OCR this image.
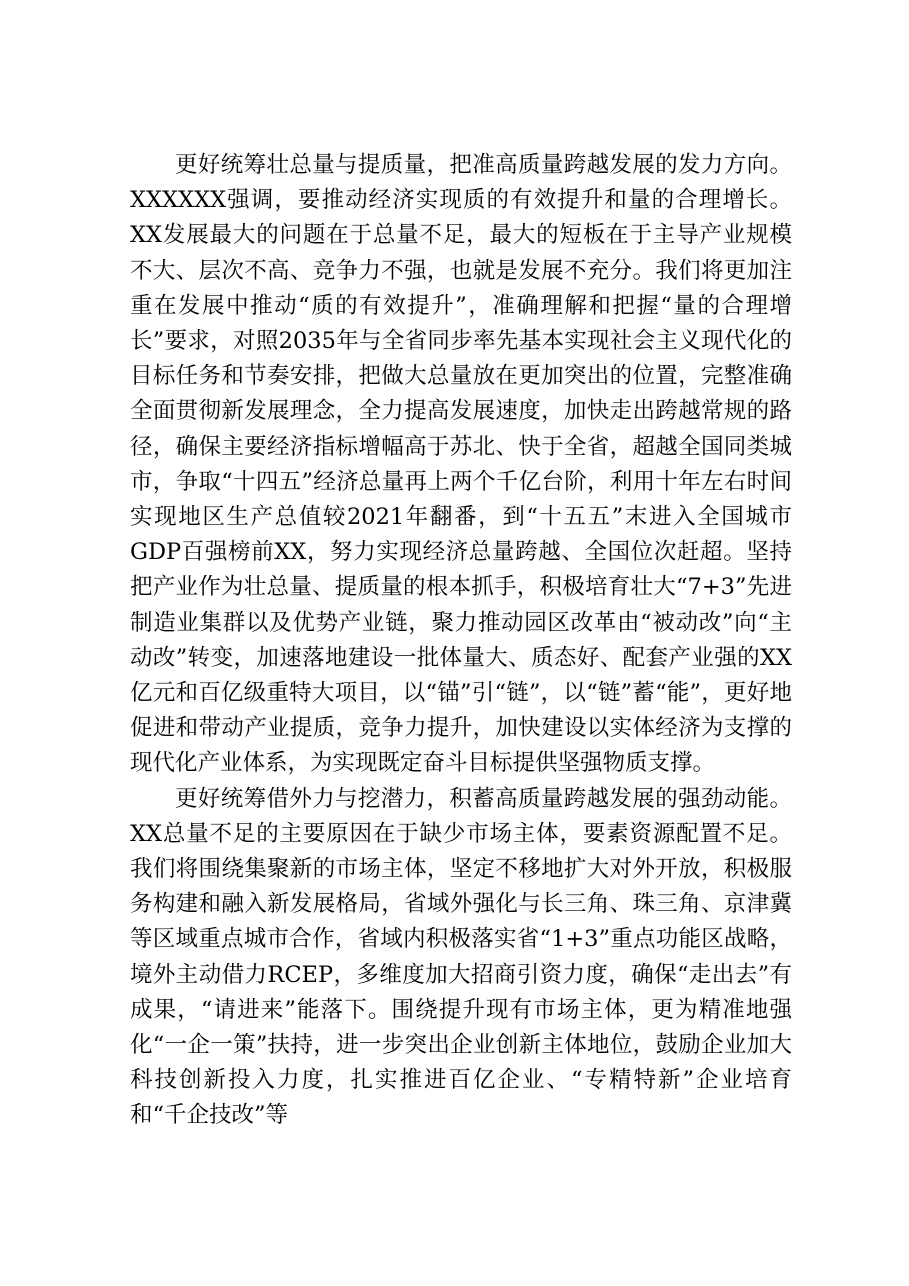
更好统筹壮总量与提质量，把准高质量跨越发展的发力方向。XXXXXX强调，要推动经济实现质的有效提升和量的合理增长。XX发展最大的问题在于总量不足，最大的短板在于主导产业规模不大、层次不高、竞争力不强，也就是发展不充分。我们将更加注重在发展中推动“质的有效提升”，准确理解和把握“量的合理增长”要求，对照2035年与全省同步率先基本实现社会主义现代化的目标任务和节奏安排，把做大总量放在更加突出的位置，完整准确全面贯彻新发展理念，全力提高发展速度，加快走出跨越常规的路径，确保主要经济指标增幅高于苏北、快于全省，超越全国同类城市，争取“十四五”经济总量再上两个千亿台阶，利用十年左右时间实现地区生产总值较2021年翻番，到“十五五”末进入全国城市GDP百强榜前XX，努力实现经济总量跨越、全国位次赶超。坚持把产业作为壮总量、提质量的根本抓手，积极培育壮大“7+3”先进制造业集群以及优势产业链，聚力推动园区改革由“被动改”向“主动改”转变，加速落地建设一批体量大、质态好、配套产业强的XX亿元和百亿级重特大项目，以“锚”引“链”，以“链”蓄“能”，更好地促进和带动产业提质，竞争力提升，加快建设以实体经济为支撑的现代化产业体系，为实现既定奋斗目标提供坚强物质支撑。

更好统筹借外力与挖潜力，积蓄高质量跨越发展的强劲动能。XX总量不足的主要原因在于缺少市场主体，要素资源配置不足。我们将围绕集聚新的市场主体，坚定不移地扩大对外开放，积极服务构建和融入新发展格局，省域外强化与长三角、珠三角、京津冀等区域重点城市合作，省域内积极落实省“1+3”重点功能区战略，境外主动借力RCEP，多维度加大招商引资力度，确保“走出去”有成果，“请进来”能落下。围绕提升现有市场主体，更为精准地强化“一企一策”扶持，进一步突出企业创新主体地位，鼓励企业加大科技创新投入力度，扎实推进百亿企业、“专精特新”企业培育和“千企技改”等
